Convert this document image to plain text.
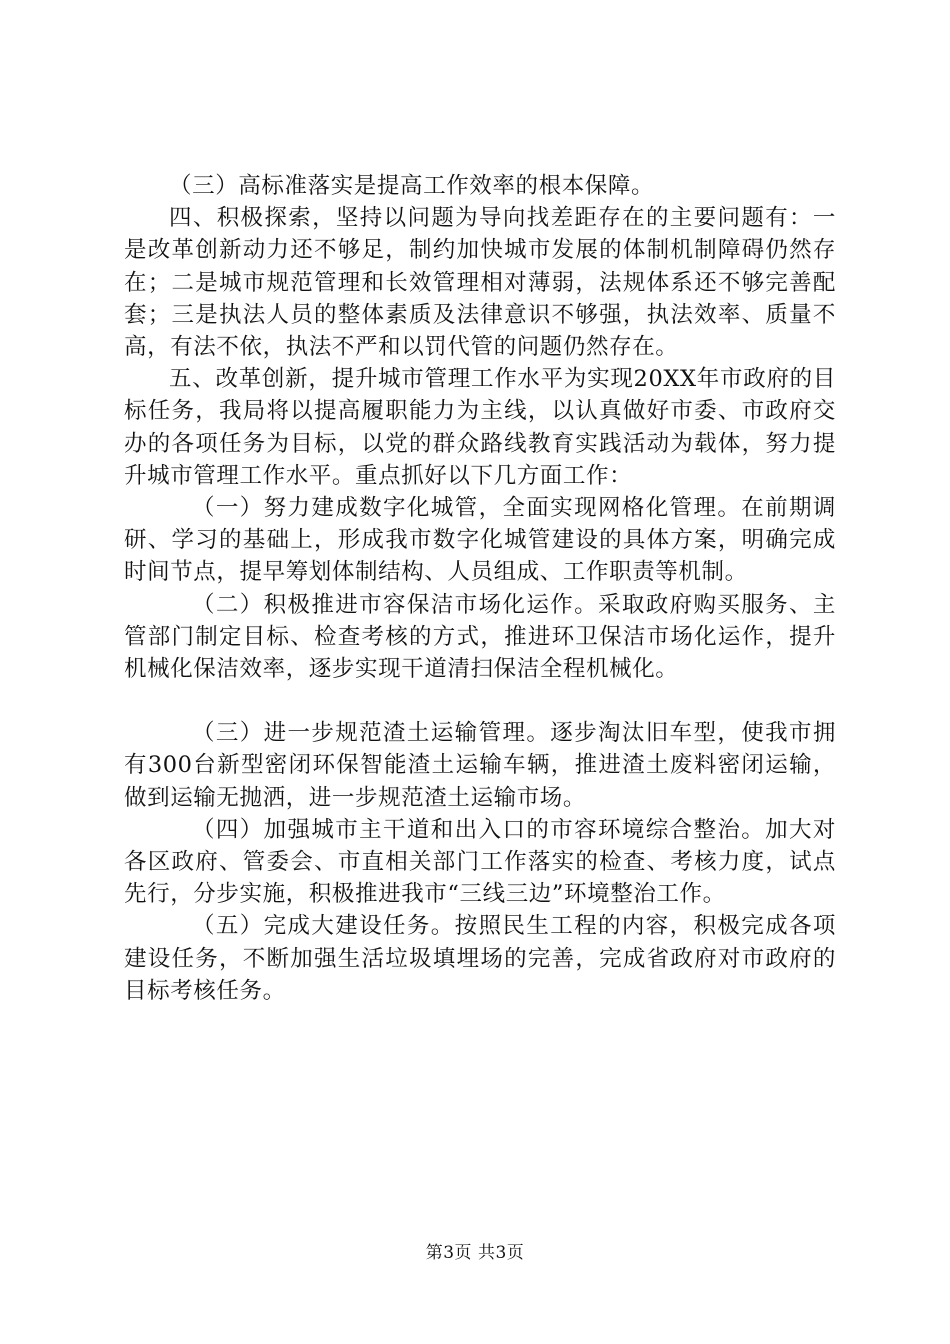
（三）高标准落实是提高工作效率的根本保障。

四、积极探索，坚持以问题为导向找差距存在的主要问题有：一是改革创新动力还不够足，制约加快城市发展的体制机制障碍仍然存在；二是城市规范管理和长效管理相对薄弱，法规体系还不够完善配套；三是执法人员的整体素质及法律意识不够强，执法效率、质量不高，有法不依，执法不严和以罚代管的问题仍然存在。

五、改革创新，提升城市管理工作水平为实现20XX年市政府的目标任务，我局将以提高履职能力为主线，以认真做好市委、市政府交办的各项任务为目标，以党的群众路线教育实践活动为载体，努力提升城市管理工作水平。重点抓好以下几方面工作：

（一）努力建成数字化城管，全面实现网格化管理。在前期调研、学习的基础上，形成我市数字化城管建设的具体方案，明确完成时间节点，提早筹划体制结构、人员组成、工作职责等机制。

（二）积极推进市容保洁市场化运作。采取政府购买服务、主管部门制定目标、检查考核的方式，推进环卫保洁市场化运作，提升机械化保洁效率，逐步实现干道清扫保洁全程机械化。

（三）进一步规范渣土运输管理。逐步淘汰旧车型，使我市拥有300台新型密闭环保智能渣土运输车辆，推进渣土废料密闭运输，做到运输无抛洒，进一步规范渣土运输市场。

（四）加强城市主干道和出入口的市容环境综合整治。加大对各区政府、管委会、市直相关部门工作落实的检查、考核力度，试点先行，分步实施，积极推进我市“三线三边”环境整治工作。

（五）完成大建设任务。按照民生工程的内容，积极完成各项建设任务，不断加强生活垃圾填埋场的完善，完成省政府对市政府的目标考核任务。

第3页 共3页
